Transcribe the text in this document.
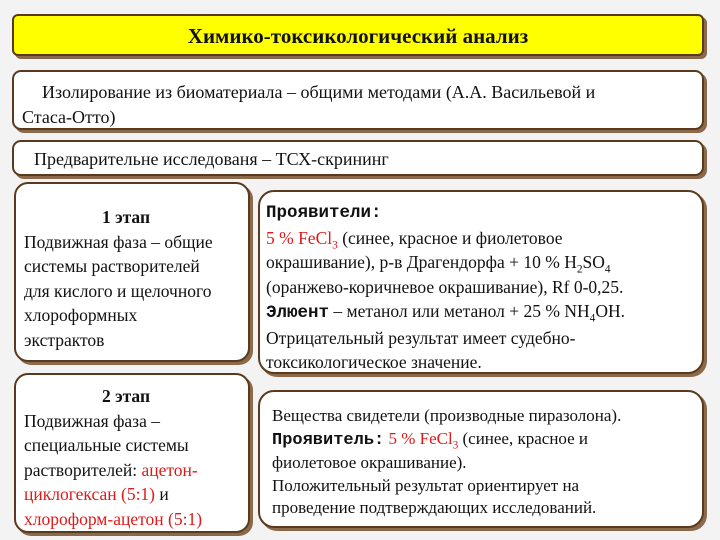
Химико-токсикологический анализ
Изолирование из биоматериала – общими методами (А.А. Васильевой и
Стаса-Отто)
Предварительне исследованя – ТСХ-скрининг
1 этап
Подвижная фаза – общие
системы растворителей
для кислого и щелочного
хлороформных
экстрактов
2 этап
Подвижная фаза –
специальные системы
растворителей: ацетон-
циклогексан (5:1) и
хлороформ-ацетон (5:1)
Проявители:
5 % FeCl$_3$ (синее, красное и фиолетовое
окрашивание), р-в Драгендорфа + 10 % $H_2SO_4$
(оранжево-коричневое окрашивание), Rf 0-0,25.
Элюент – метанол или метанол + 25 % $NH_4OH$.
Отрицательный результат имеет судебно-
токсикологическое значение.
Вещества свидетели (производные пиразолона).
Проявитель: 5 % FeCl$_3$ (синее, красное и
фиолетовое окрашивание).
Положительный результат ориентирует на
проведение подтверждающих исследований.
